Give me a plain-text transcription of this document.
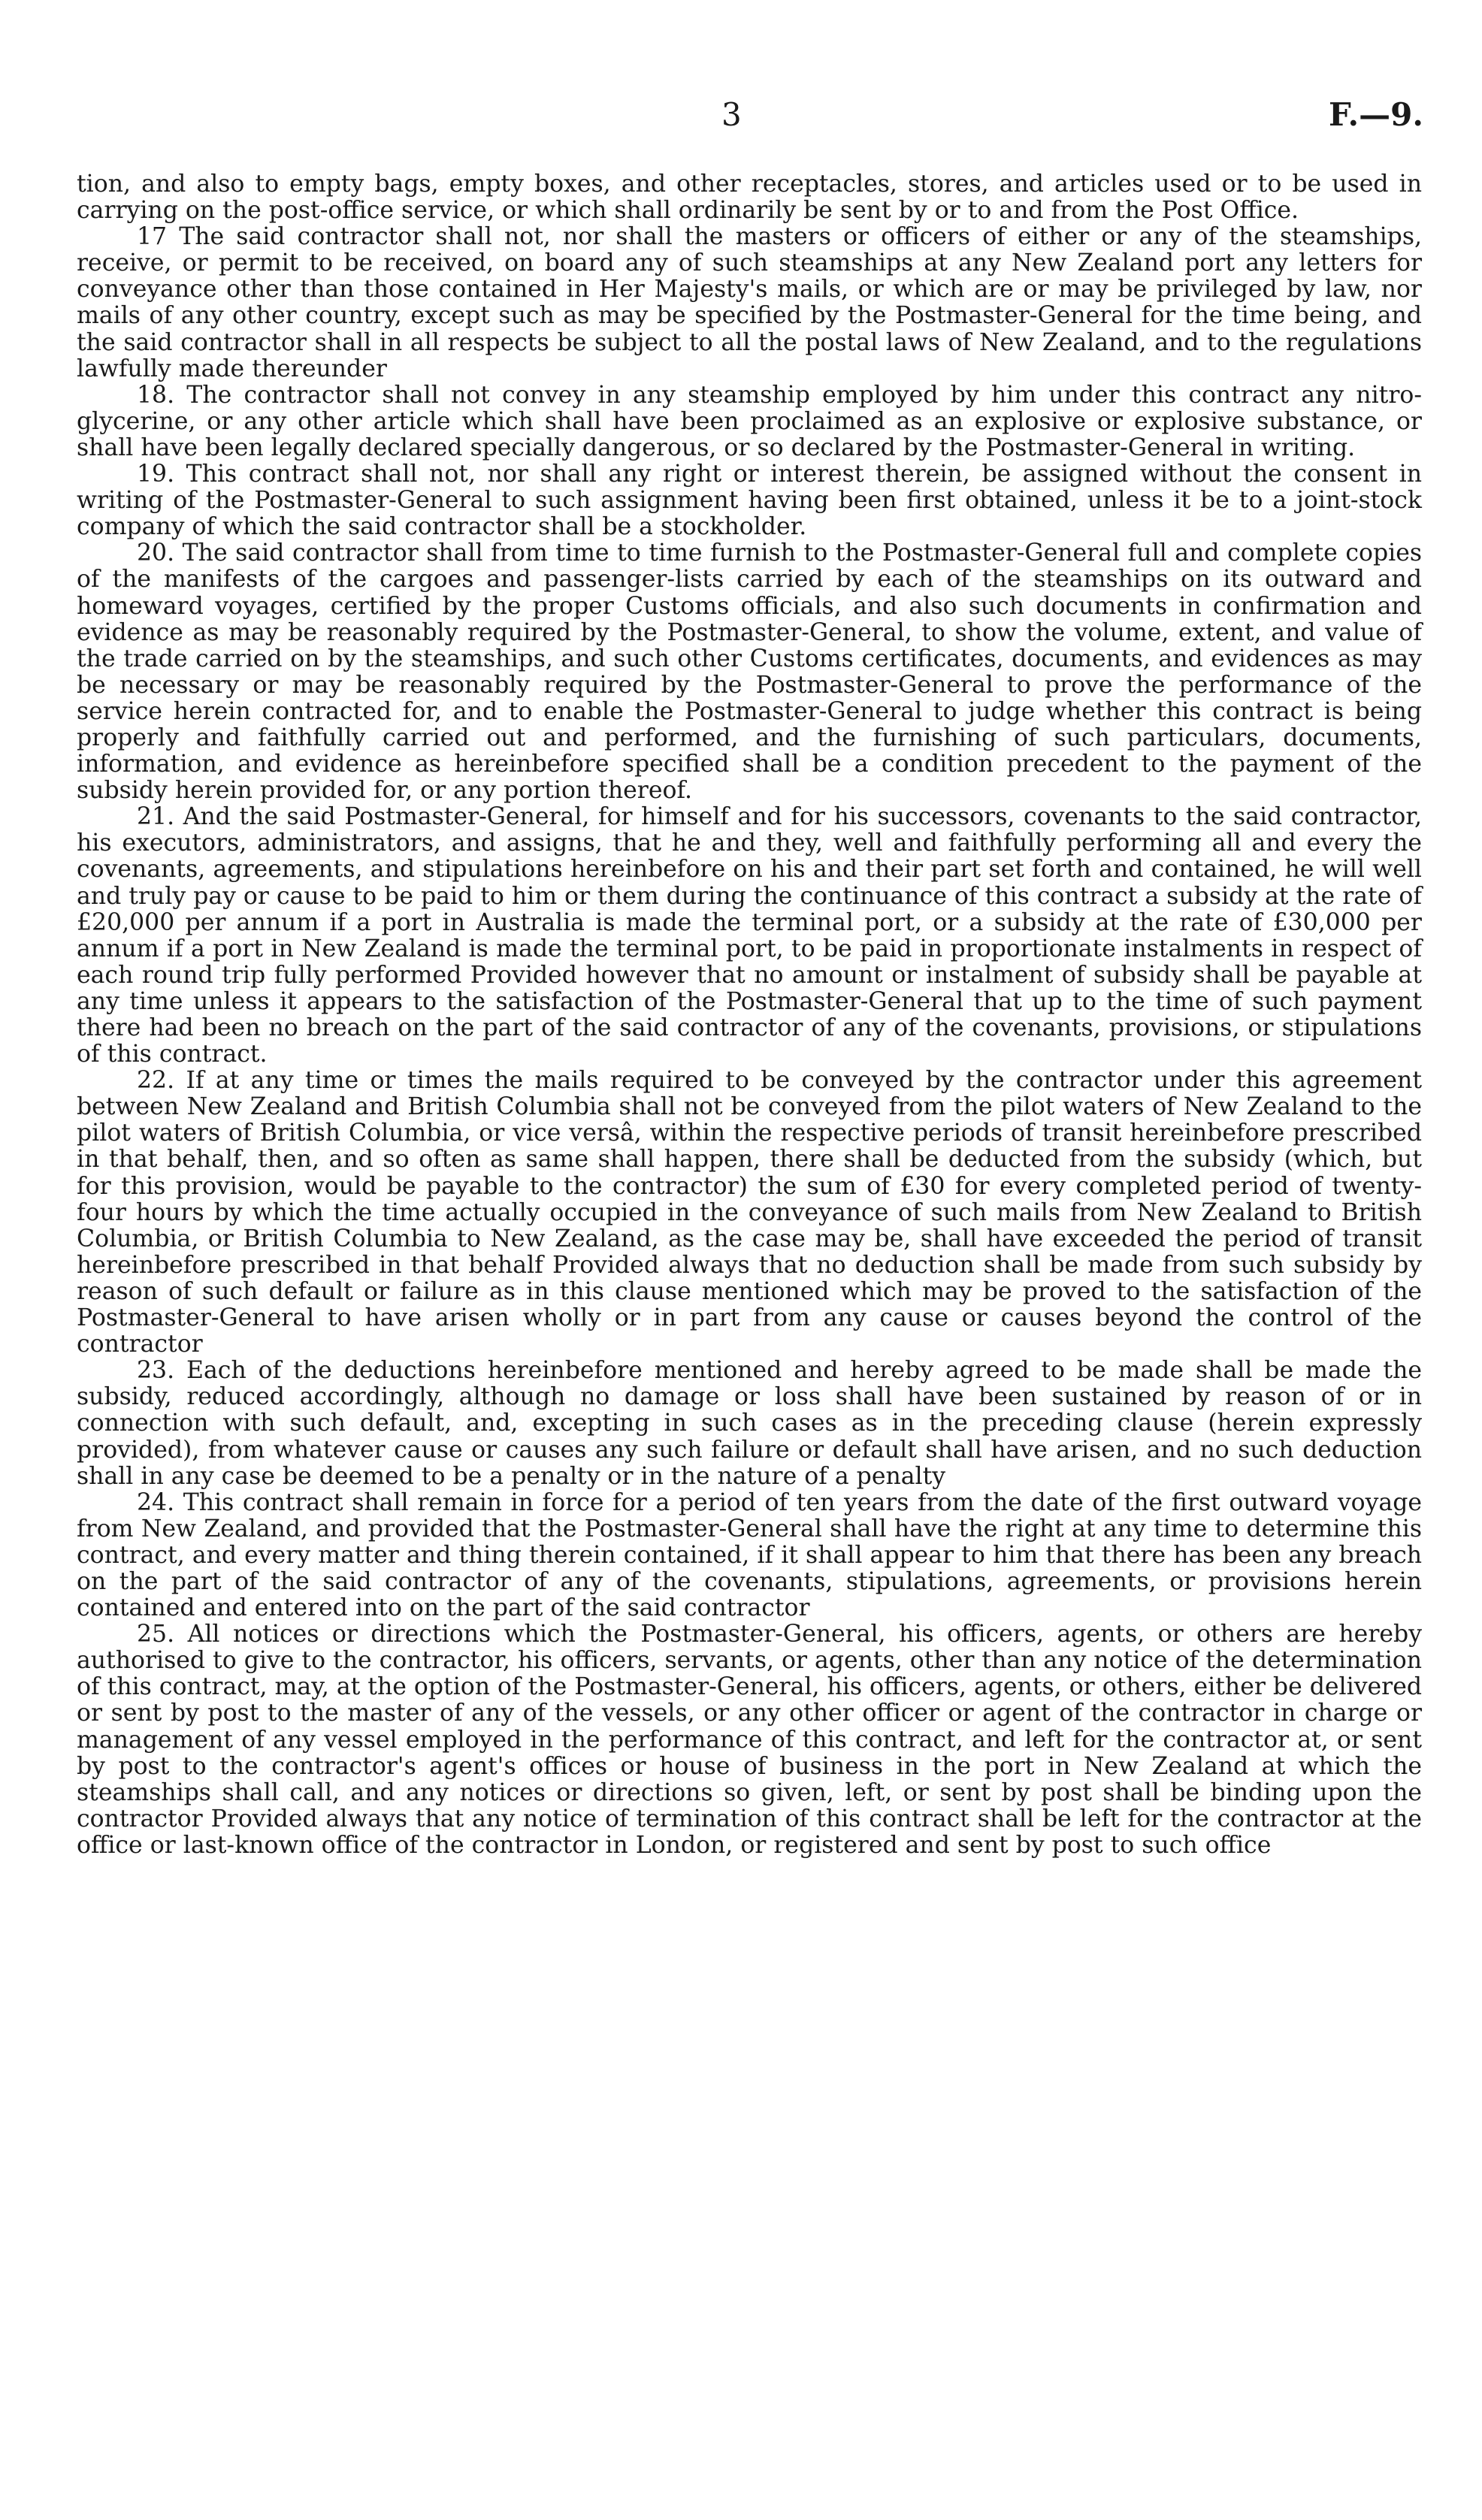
3	F.—9.

tion, and also to empty bags, empty boxes, and other receptacles, stores, and articles used or to be used in carrying on the post-office service, or which shall ordinarily be sent by or to and from the Post Office.

17 The said contractor shall not, nor shall the masters or officers of either or any of the steamships, receive, or permit to be received, on board any of such steamships at any New Zealand port any letters for conveyance other than those contained in Her Majesty's mails, or which are or may be privileged by law, nor mails of any other country, except such as may be specified by the Postmaster-General for the time being, and the said contractor shall in all respects be subject to all the postal laws of New Zealand, and to the regulations lawfully made thereunder

18. The contractor shall not convey in any steamship employed by him under this contract any nitro-glycerine, or any other article which shall have been proclaimed as an explosive or explosive substance, or shall have been legally declared specially dangerous, or so declared by the Postmaster-General in writing.

19. This contract shall not, nor shall any right or interest therein, be assigned without the consent in writing of the Postmaster-General to such assignment having been first obtained, unless it be to a joint-stock company of which the said contractor shall be a stockholder.

20. The said contractor shall from time to time furnish to the Postmaster-General full and complete copies of the manifests of the cargoes and passenger-lists carried by each of the steamships on its outward and homeward voyages, certified by the proper Customs officials, and also such documents in confirmation and evidence as may be reasonably required by the Postmaster-General, to show the volume, extent, and value of the trade carried on by the steamships, and such other Customs certificates, documents, and evidences as may be necessary or may be reasonably required by the Postmaster-General to prove the performance of the service herein contracted for, and to enable the Postmaster-General to judge whether this contract is being properly and faithfully carried out and performed, and the furnishing of such particulars, documents, information, and evidence as hereinbefore specified shall be a condition precedent to the payment of the subsidy herein provided for, or any portion thereof.

21. And the said Postmaster-General, for himself and for his successors, covenants to the said contractor, his executors, administrators, and assigns, that he and they, well and faithfully performing all and every the covenants, agreements, and stipulations hereinbefore on his and their part set forth and contained, he will well and truly pay or cause to be paid to him or them during the continuance of this contract a subsidy at the rate of £20,000 per annum if a port in Australia is made the terminal port, or a subsidy at the rate of £30,000 per annum if a port in New Zealand is made the terminal port, to be paid in proportionate instalments in respect of each round trip fully performed Provided however that no amount or instalment of subsidy shall be payable at any time unless it appears to the satisfaction of the Postmaster-General that up to the time of such payment there had been no breach on the part of the said contractor of any of the covenants, provisions, or stipulations of this contract.

22. If at any time or times the mails required to be conveyed by the contractor under this agreement between New Zealand and British Columbia shall not be conveyed from the pilot waters of New Zealand to the pilot waters of British Columbia, or vice versâ, within the respective periods of transit hereinbefore prescribed in that behalf, then, and so often as same shall happen, there shall be deducted from the subsidy (which, but for this provision, would be payable to the contractor) the sum of £30 for every completed period of twenty-four hours by which the time actually occupied in the conveyance of such mails from New Zealand to British Columbia, or British Columbia to New Zealand, as the case may be, shall have exceeded the period of transit hereinbefore prescribed in that behalf Provided always that no deduction shall be made from such subsidy by reason of such default or failure as in this clause mentioned which may be proved to the satisfaction of the Postmaster-General to have arisen wholly or in part from any cause or causes beyond the control of the contractor

23. Each of the deductions hereinbefore mentioned and hereby agreed to be made shall be made the subsidy, reduced accordingly, although no damage or loss shall have been sustained by reason of or in connection with such default, and, excepting in such cases as in the preceding clause (herein expressly provided), from whatever cause or causes any such failure or default shall have arisen, and no such deduction shall in any case be deemed to be a penalty or in the nature of a penalty

24. This contract shall remain in force for a period of ten years from the date of the first outward voyage from New Zealand, and provided that the Postmaster-General shall have the right at any time to determine this contract, and every matter and thing therein contained, if it shall appear to him that there has been any breach on the part of the said contractor of any of the covenants, stipulations, agreements, or provisions herein contained and entered into on the part of the said contractor

25. All notices or directions which the Postmaster-General, his officers, agents, or others are hereby authorised to give to the contractor, his officers, servants, or agents, other than any notice of the determination of this contract, may, at the option of the Postmaster-General, his officers, agents, or others, either be delivered or sent by post to the master of any of the vessels, or any other officer or agent of the contractor in charge or management of any vessel employed in the performance of this contract, and left for the contractor at, or sent by post to the contractor's agent's offices or house of business in the port in New Zealand at which the steamships shall call, and any notices or directions so given, left, or sent by post shall be binding upon the contractor Provided always that any notice of termination of this contract shall be left for the contractor at the office or last-known office of the contractor in London, or registered and sent by post to such office
